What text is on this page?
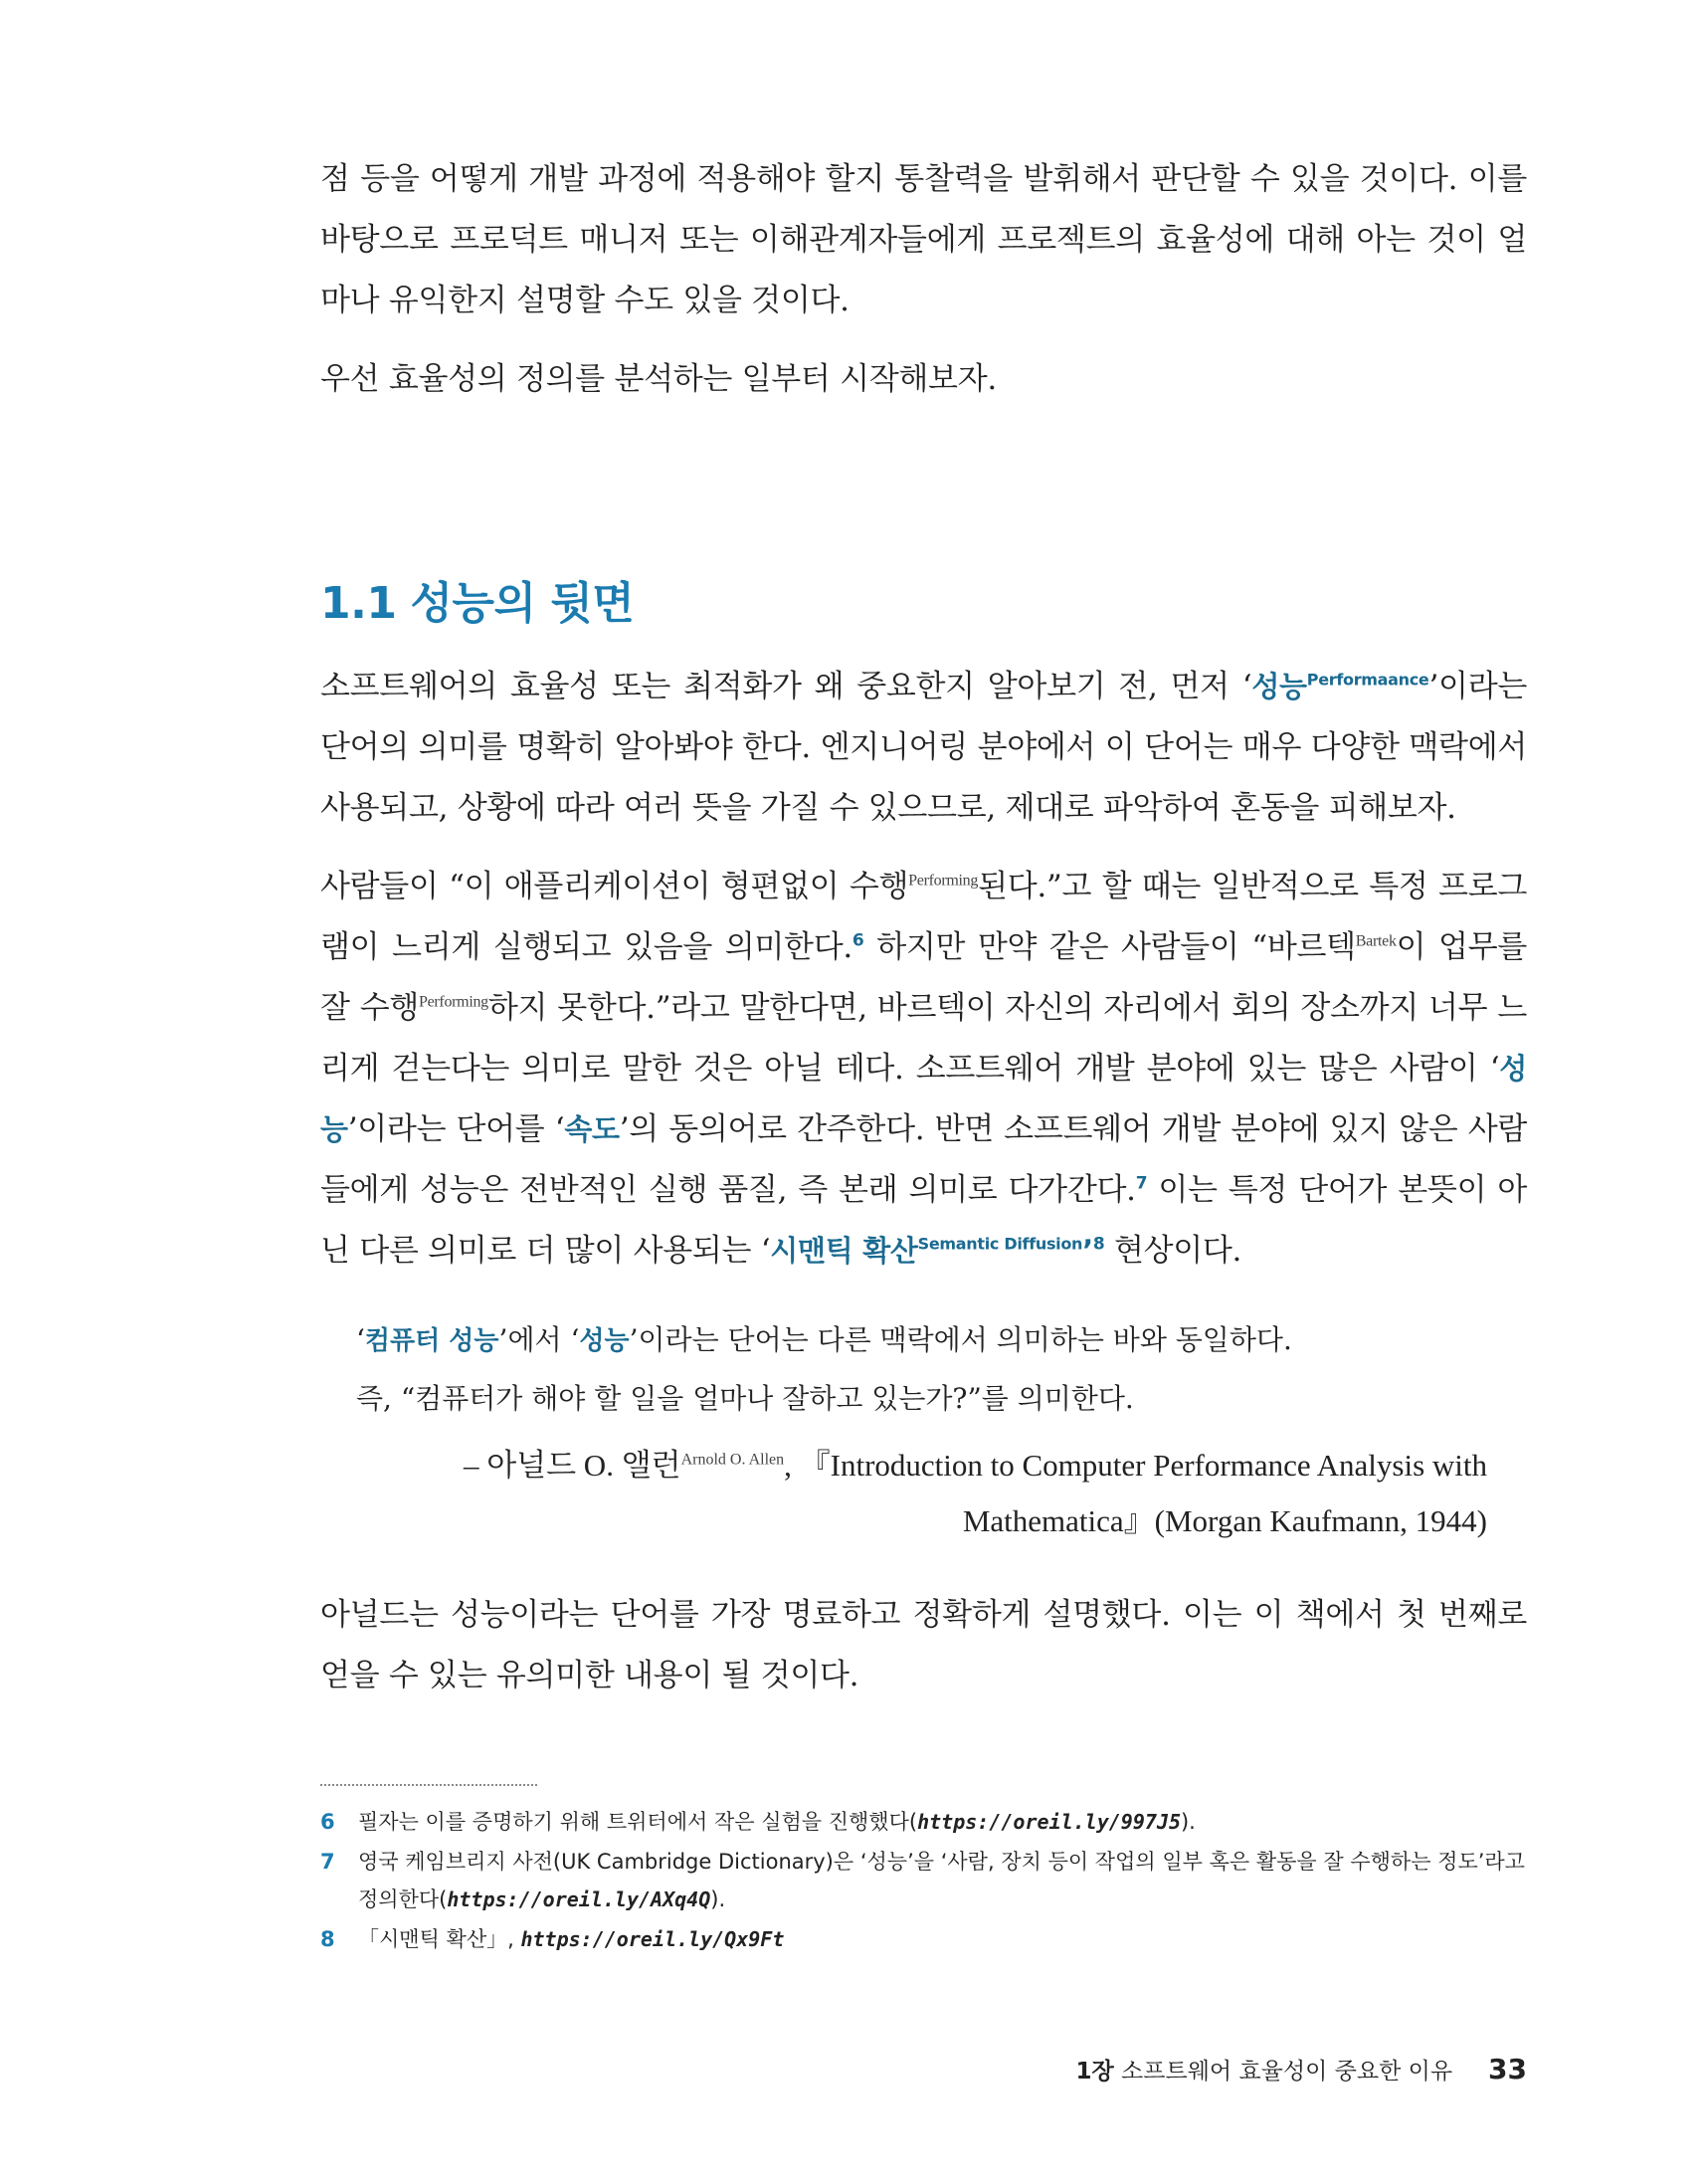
점 등을 어떻게 개발 과정에 적용해야 할지 통찰력을 발휘해서 판단할 수 있을 것이다. 이를 바탕으로 프로덕트 매니저 또는 이해관계자들에게 프로젝트의 효율성에 대해 아는 것이 얼마나 유익한지 설명할 수도 있을 것이다.

우선 효율성의 정의를 분석하는 일부터 시작해보자.

1.1 성능의 뒷면

소프트웨어의 효율성 또는 최적화가 왜 중요한지 알아보기 전, 먼저 ‘성능$^{Performaance}$’이라는 단어의 의미를 명확히 알아봐야 한다. 엔지니어링 분야에서 이 단어는 매우 다양한 맥락에서 사용되고, 상황에 따라 여러 뜻을 가질 수 있으므로, 제대로 파악하여 혼동을 피해보자.

사람들이 “이 애플리케이션이 형편없이 수행$^{Performing}$된다.”고 할 때는 일반적으로 특정 프로그램이 느리게 실행되고 있음을 의미한다.$^6$ 하지만 만약 같은 사람들이 “바르텍$^{Bartek}$이 업무를 잘 수행$^{Performing}$하지 못한다.”라고 말한다면, 바르텍이 자신의 자리에서 회의 장소까지 너무 느리게 걷는다는 의미로 말한 것은 아닐 테다. 소프트웨어 개발 분야에 있는 많은 사람이 ‘성능’이라는 단어를 ‘속도’의 동의어로 간주한다. 반면 소프트웨어 개발 분야에 있지 않은 사람들에게 성능은 전반적인 실행 품질, 즉 본래 의미로 다가간다.$^7$ 이는 특정 단어가 본뜻이 아닌 다른 의미로 더 많이 사용되는 ‘시맨틱 확산$^{Semantic Diffusion}$’$^8$ 현상이다.

‘컴퓨터 성능’에서 ‘성능’이라는 단어는 다른 맥락에서 의미하는 바와 동일하다.

즉, “컴퓨터가 해야 할 일을 얼마나 잘하고 있는가?”를 의미한다.

– 아널드 O. 앨런$^{Arnold O. Allen}$, 『Introduction to Computer Performance Analysis with
Mathematica』(Morgan Kaufmann, 1944)

아널드는 성능이라는 단어를 가장 명료하고 정확하게 설명했다. 이는 이 책에서 첫 번째로 얻을 수 있는 유의미한 내용이 될 것이다.

6	필자는 이를 증명하기 위해 트위터에서 작은 실험을 진행했다(https://oreil.ly/997J5).
7	영국 케임브리지 사전(UK Cambridge Dictionary)은 ‘성능’을 ‘사람, 장치 등이 작업의 일부 혹은 활동을 잘 수행하는 정도’라고 정의한다(https://oreil.ly/AXq4Q).
8	「시맨틱 확산」, https://oreil.ly/Qx9Ft
1장 소프트웨어 효율성이 중요한 이유 33
